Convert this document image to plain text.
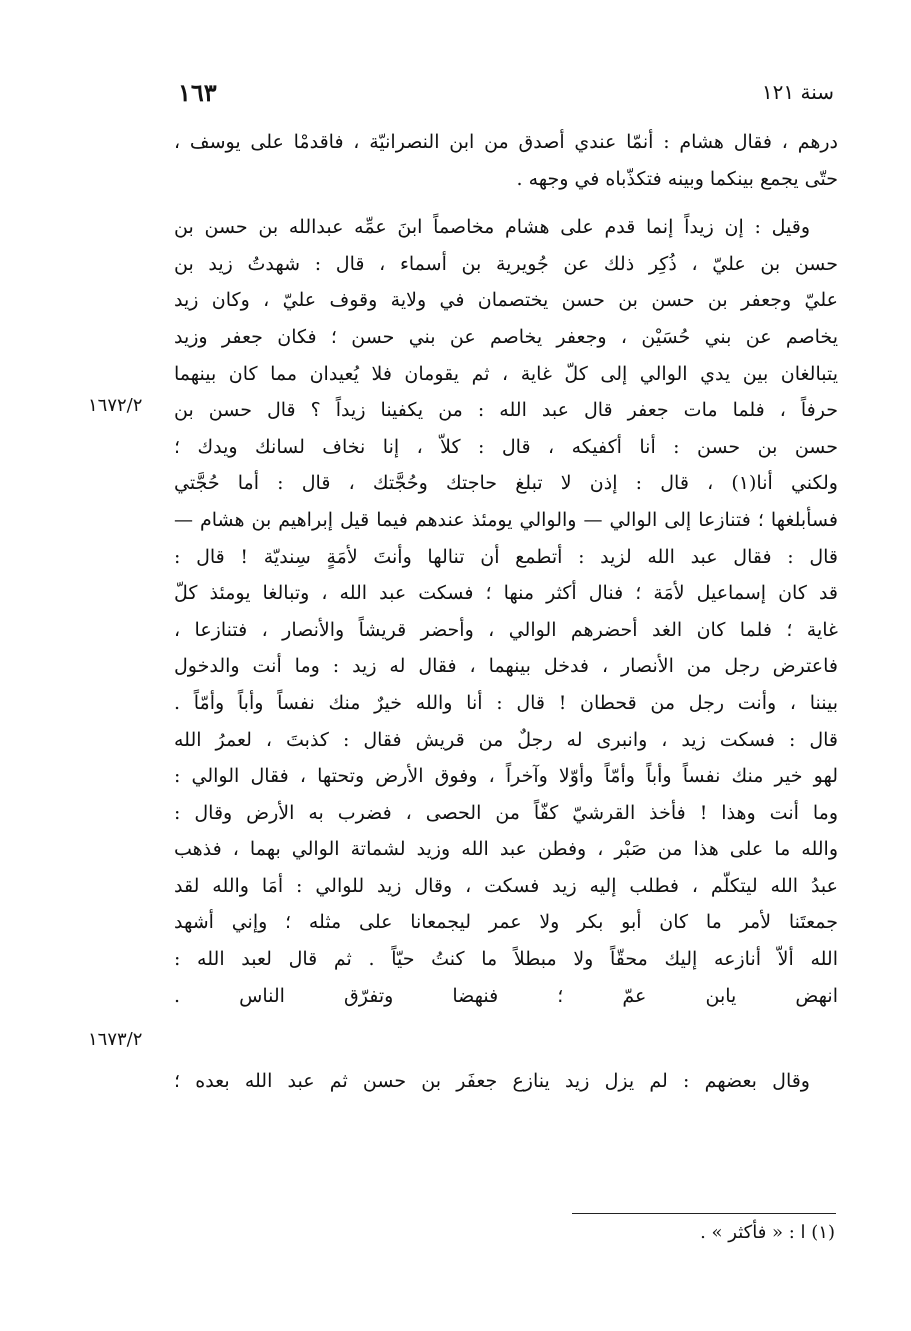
١٦٣	سنة ١٢١
درهم ، فقال هشام : أنمّا عندي أصدق من ابن النصرانيّة ، فاقدمْا على يوسف ،
حتّى يجمع بينكما وبينه فتكذّباه في وجهه .
وقيل : إن زيداً إنما قدم على هشام مخاصماً ابنَ عمِّه عبدالله بن حسن بن
حسن بن عليّ ، ذُكِر ذلك عن جُويرية بن أسماء ، قال : شهدتُ زيد بن
عليّ وجعفر بن حسن بن حسن يختصمان في ولاية وقوف عليّ ، وكان زيد
يخاصم عن بني حُسَيْن ، وجعفر يخاصم عن بني حسن ؛ فكان جعفر وزيد
يتبالغان بين يدي الوالي إلى كلّ غاية ، ثم يقومان فلا يُعيدان مما كان بينهما
حرفاً ، فلما مات جعفر قال عبد الله : من يكفينا زيداً ؟ قال حسن بن
حسن بن حسن : أنا أكفيكه ، قال : كلاّ ، إنا نخاف لسانك ويدك ؛
ولكني أنا(١) ، قال : إذن لا تبلغ حاجتك وحُجَّتك ، قال : أما حُجَّتي
فسأبلغها ؛ فتنازعا إلى الوالي — والوالي يومئذ عندهم فيما قيل إبراهيم بن هشام —
قال : فقال عبد الله لزيد : أتطمع أن تنالها وأنتَ لأمَةٍ سِنديّة ! قال :
قد كان إسماعيل لأمَة ؛ فنال أكثر منها ؛ فسكت عبد الله ، وتبالغا يومئذ كلّ
غاية ؛ فلما كان الغد أحضرهم الوالي ، وأحضر قريشاً والأنصار ، فتنازعا ،
فاعترض رجل من الأنصار ، فدخل بينهما ، فقال له زيد : وما أنت والدخول
بيننا ، وأنت رجل من قحطان ! قال : أنا والله خيرٌ منك نفساً وأباً وأمّاً .
قال : فسكت زيد ، وانبرى له رجلٌ من قريش فقال : كذبتَ ، لعمرُ الله
لهو خير منك نفساً وأباً وأمّاً وأوّلا وآخراً ، وفوق الأرض وتحتها ، فقال الوالي :
وما أنت وهذا ! فأخذ القرشيّ كفّاً من الحصى ، فضرب به الأرض وقال :
والله ما على هذا من صَبْر ، وفطن عبد الله وزيد لشماتة الوالي بهما ، فذهب
عبدُ الله ليتكلّم ، فطلب إليه زيد فسكت ، وقال زيد للوالي : أمَا والله لقد
جمعتَنا لأمر ما كان أبو بكر ولا عمر ليجمعانا على مثله ؛ وإني أشهد
الله ألاّ أنازعه إليك محقّاً ولا مبطلاً ما كنتُ حيّاً . ثم قال لعبد الله :
انهض يابن عمّ ؛ فنهضا وتفرّق الناس .
وقال بعضهم : لم يزل زيد ينازع جعفَر بن حسن ثم عبد الله بعده ؛
١٦٧٢/٢
١٦٧٣/٢
(١) ا : « فأكثر » .
